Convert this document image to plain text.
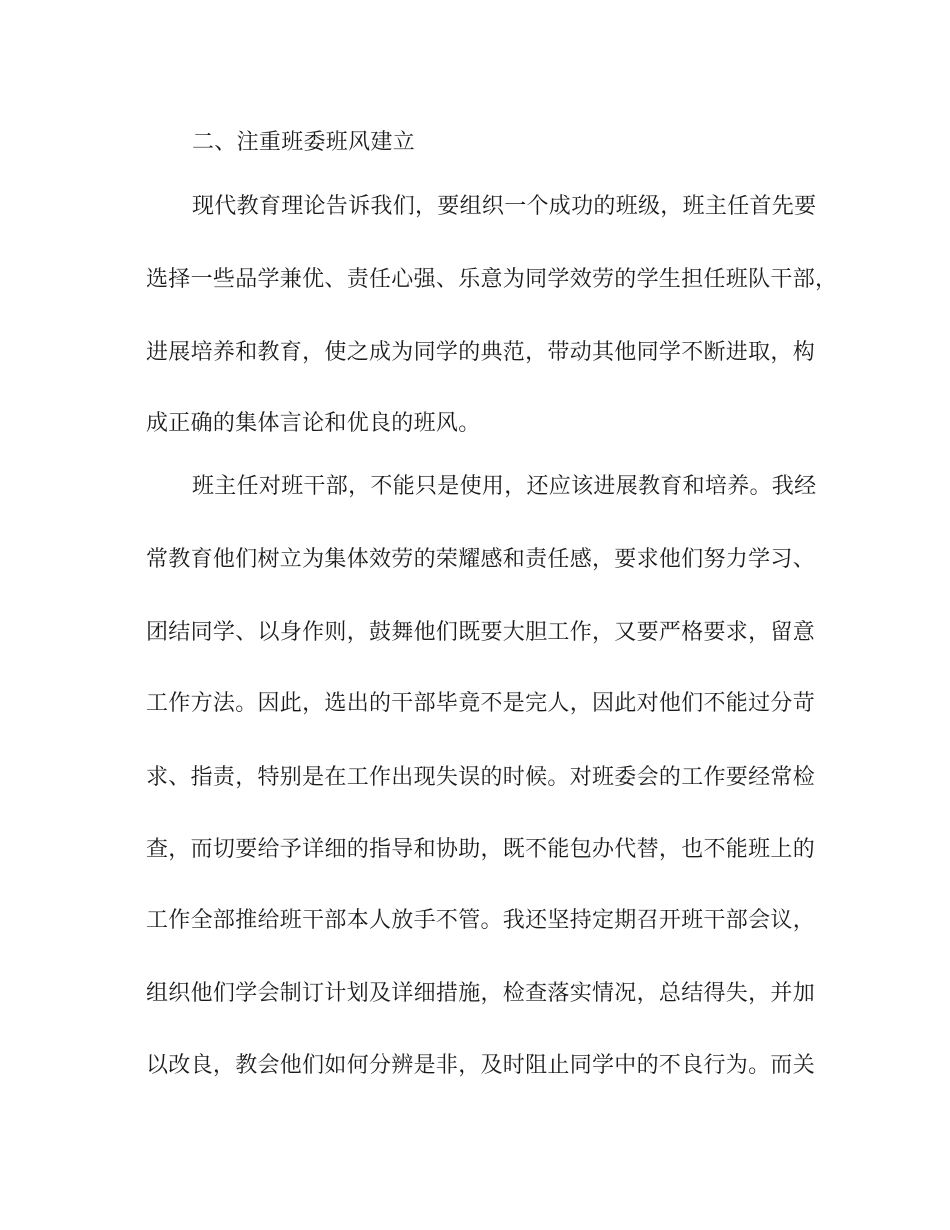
二、注重班委班风建立
现代教育理论告诉我们，要组织一个成功的班级，班主任首先要
选择一些品学兼优、责任心强、乐意为同学效劳的学生担任班队干部，
进展培养和教育，使之成为同学的典范，带动其他同学不断进取，构
成正确的集体言论和优良的班风。
班主任对班干部，不能只是使用，还应该进展教育和培养。我经
常教育他们树立为集体效劳的荣耀感和责任感，要求他们努力学习、
团结同学、以身作则，鼓舞他们既要大胆工作，又要严格要求，留意
工作方法。因此，选出的干部毕竟不是完人，因此对他们不能过分苛
求、指责，特别是在工作出现失误的时候。对班委会的工作要经常检
查，而切要给予详细的指导和协助，既不能包办代替，也不能班上的
工作全部推给班干部本人放手不管。我还坚持定期召开班干部会议，
组织他们学会制订计划及详细措施，检查落实情况，总结得失，并加
以改良，教会他们如何分辨是非，及时阻止同学中的不良行为。而关
